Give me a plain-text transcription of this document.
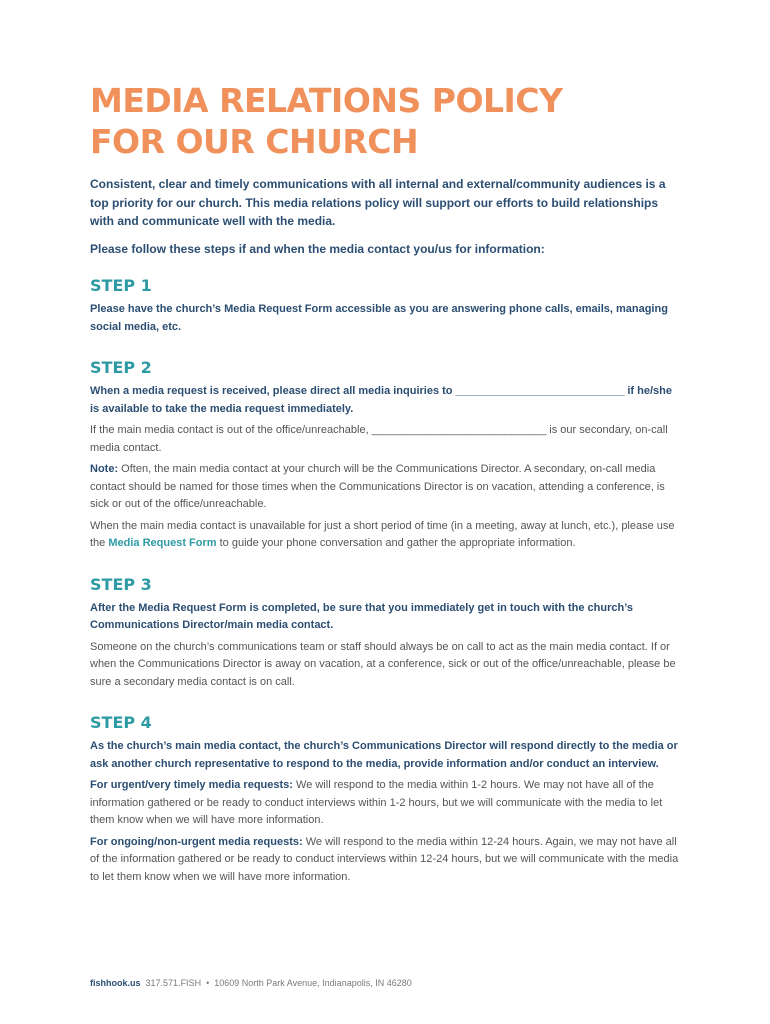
MEDIA RELATIONS POLICY
FOR OUR CHURCH

Consistent, clear and timely communications with all internal and external/community audiences is a top priority for our church. This media relations policy will support our efforts to build relationships with and communicate well with the media.

Please follow these steps if and when the media contact you/us for information:

STEP 1

Please have the church’s Media Request Form accessible as you are answering phone calls, emails, managing social media, etc.

STEP 2

When a media request is received, please direct all media inquiries to _____________________________ if he/she is available to take the media request immediately.

If the main media contact is out of the office/unreachable, ______________________________ is our secondary, on-call media contact.

Note: Often, the main media contact at your church will be the Communications Director. A secondary, on-call media contact should be named for those times when the Communications Director is on vacation, attending a conference, is sick or out of the office/unreachable.

When the main media contact is unavailable for just a short period of time (in a meeting, away at lunch, etc.), please use the Media Request Form to guide your phone conversation and gather the appropriate information.

STEP 3

After the Media Request Form is completed, be sure that you immediately get in touch with the church’s Communications Director/main media contact.

Someone on the church’s communications team or staff should always be on call to act as the main media contact. If or when the Communications Director is away on vacation, at a conference, sick or out of the office/unreachable, please be sure a secondary media contact is on call.

STEP 4

As the church’s main media contact, the church’s Communications Director will respond directly to the media or ask another church representative to respond to the media, provide information and/or conduct an interview.

For urgent/very timely media requests: We will respond to the media within 1-2 hours. We may not have all of the information gathered or be ready to conduct interviews within 1-2 hours, but we will communicate with the media to let them know when we will have more information.

For ongoing/non-urgent media requests: We will respond to the media within 12-24 hours. Again, we may not have all of the information gathered or be ready to conduct interviews within 12-24 hours, but we will communicate with the media to let them know when we will have more information.

fishhook.us 317.571.FISH • 10609 North Park Avenue, Indianapolis, IN 46280
